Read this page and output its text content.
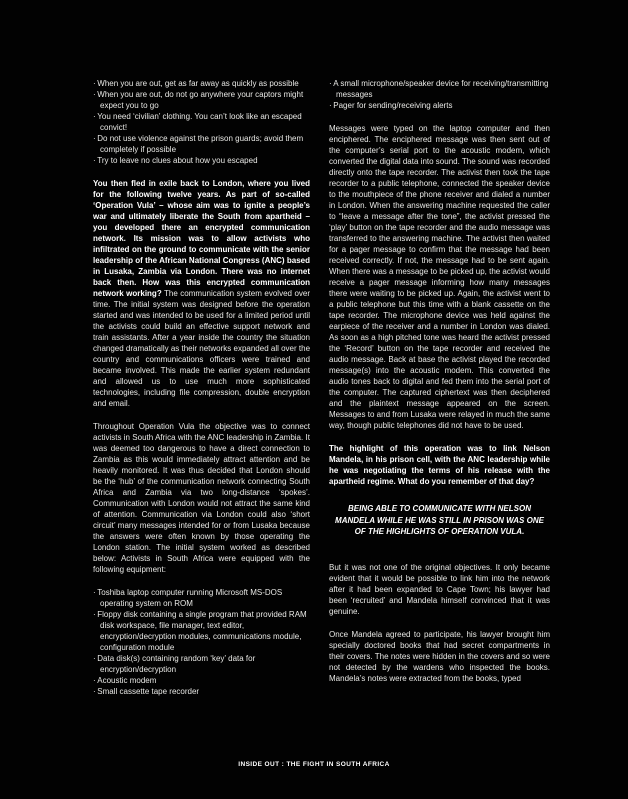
· When you are out, get as far away as quickly as possible
· When you are out, do not go anywhere your captors might expect you to go
· You need ‘civilian’ clothing. You can’t look like an escaped convict!
· Do not use violence against the prison guards; avoid them completely if possible
· Try to leave no clues about how you escaped

You then fled in exile back to London, where you lived for the following twelve years. As part of so-called ‘Operation Vula’ – whose aim was to ignite a people’s war and ultimately liberate the South from apartheid – you developed there an encrypted communication network. Its mission was to allow activists who infiltrated on the ground to communicate with the senior leadership of the African National Congress (ANC) based in Lusaka, Zambia via London. There was no internet back then. How was this encrypted communication network working? The communication system evolved over time. The initial system was designed before the operation started and was intended to be used for a limited period until the activists could build an effective support network and train assistants. After a year inside the country the situation changed dramatically as their networks expanded all over the country and communications officers were trained and became involved. This made the earlier system redundant and allowed us to use much more sophisticated technologies, including file compression, double encryption and email.

Throughout Operation Vula the objective was to connect activists in South Africa with the ANC leadership in Zambia. It was deemed too dangerous to have a direct connection to Zambia as this would immediately attract attention and be heavily monitored. It was thus decided that London should be the ‘hub’ of the communication network connecting South Africa and Zambia via two long-distance ‘spokes’. Communication with London would not attract the same kind of attention. Communication via London could also ‘short circuit’ many messages intended for or from Lusaka because the answers were often known by those operating the London station. The initial system worked as described below: Activists in South Africa were equipped with the following equipment:

· Toshiba laptop computer running Microsoft MS-DOS operating system on ROM
· Floppy disk containing a single program that provided RAM disk workspace, file manager, text editor, encryption/decryption modules, communications module, configuration module
· Data disk(s) containing random ‘key’ data for encryption/decryption
· Acoustic modem
· Small cassette tape recorder
· A small microphone/speaker device for receiving/transmitting messages
· Pager for sending/receiving alerts

Messages were typed on the laptop computer and then enciphered. The enciphered message was then sent out of the computer’s serial port to the acoustic modem, which converted the digital data into sound. The sound was recorded directly onto the tape recorder. The activist then took the tape recorder to a public telephone, connected the speaker device to the mouthpiece of the phone receiver and dialed a number in London. When the answering machine requested the caller to “leave a message after the tone”, the activist pressed the ‘play’ button on the tape recorder and the audio message was transferred to the answering machine. The activist then waited for a pager message to confirm that the message had been received correctly. If not, the message had to be sent again. When there was a message to be picked up, the activist would receive a pager message informing how many messages there were waiting to be picked up. Again, the activist went to a public telephone but this time with a blank cassette on the tape recorder. The microphone device was held against the earpiece of the receiver and a number in London was dialed. As soon as a high pitched tone was heard the activist pressed the ‘Record’ button on the tape recorder and received the audio message. Back at base the activist played the recorded message(s) into the acoustic modem. This converted the audio tones back to digital and fed them into the serial port of the computer. The captured ciphertext was then deciphered and the plaintext message appeared on the screen. Messages to and from Lusaka were relayed in much the same way, though public telephones did not have to be used.

The highlight of this operation was to link Nelson Mandela, in his prison cell, with the ANC leadership while he was negotiating the terms of his release with the apartheid regime. What do you remember of that day?

BEING ABLE TO COMMUNICATE WITH NELSON MANDELA WHILE HE WAS STILL IN PRISON WAS ONE OF THE HIGHLIGHTS OF OPERATION VULA.

But it was not one of the original objectives. It only became evident that it would be possible to link him into the network after it had been expanded to Cape Town; his lawyer had been ‘recruited’ and Mandela himself convinced that it was genuine.

Once Mandela agreed to participate, his lawyer brought him specially doctored books that had secret compartments in their covers. The notes were hidden in the covers and so were not detected by the wardens who inspected the books. Mandela’s notes were extracted from the books, typed

INSIDE OUT : THE FIGHT IN SOUTH AFRICA
